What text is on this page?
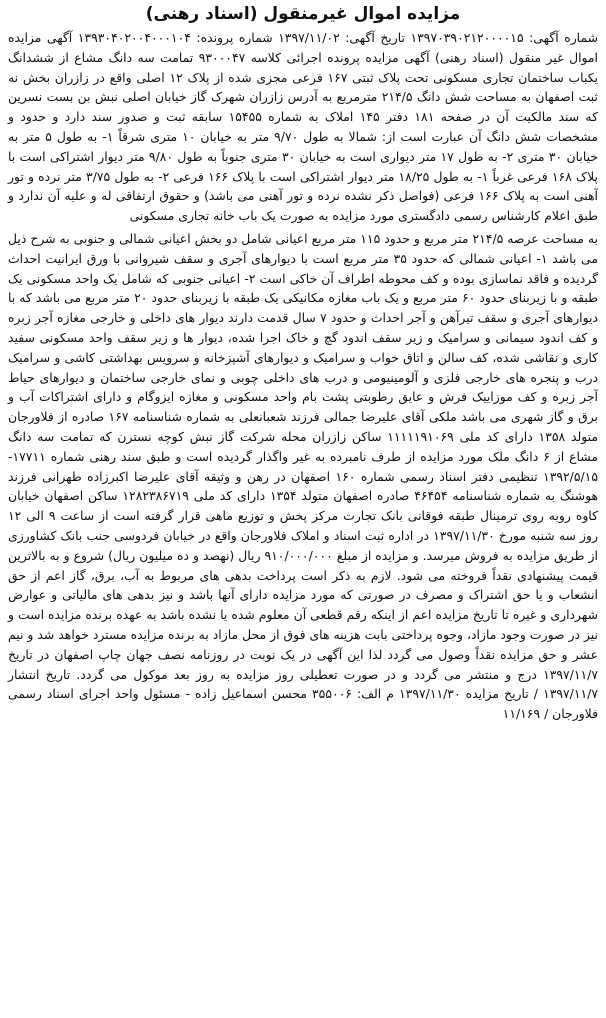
مزایده اموال غیرمنقول (اسناد رهنی)

شماره آگهی: ۱۳۹۷۰۳۹۰۲۱۲۰۰۰۰۱۵ تاریخ آگهی: ۱۳۹۷/۱۱/۰۲ شماره پرونده: ۱۳۹۳۰۴۰۲۰۰۴۰۰۰۱۰۴ آگهی مزایده اموال غیر منقول (اسناد رهنی) آگهی مزایده پرونده اجرائی کلاسه ۹۳۰۰۰۴۷ تمامت سه دانگ مشاع از ششدانگ یکباب ساختمان تجاری مسکونی تحت پلاک ثبتی ۱۶۷ فرعی مجزی شده از پلاک ۱۲ اصلی واقع در زازران بخش نه ثبت اصفهان به مساحت شش دانگ ۲۱۴/۵ مترمربع به آدرس زازران شهرک گاز خیابان اصلی نبش بن بست نسرین که سند مالکیت آن در صفحه ۱۸۱ دفتر ۱۴۵ املاک به شماره ۱۵۴۵۵ سابقه ثبت و صدور سند دارد و حدود و مشخصات شش دانگ آن عبارت است از: شمالا به طول ۹/۷۰ متر به خیابان ۱۰ متری شرقاً ۱- به طول ۵ متر به خیابان ۳۰ متری ۲- به طول ۱۷ متر دیواری است به خیابان ۳۰ متری جنوباً به طول ۹/۸۰ متر دیوار اشتراکی است با پلاک ۱۶۸ فرعی غرباً ۱- به طول ۱۸/۲۵ متر دیوار اشتراکی است با پلاک ۱۶۶ فرعی ۲- به طول ۳/۷۵ متر نرده و تور آهنی است به پلاک ۱۶۶ فرعی (فواصل ذکر نشده نرده و تور آهنی می باشد) و حقوق ارتفاقی له و علیه آن ندارد و طبق اعلام کارشناس رسمی دادگستری مورد مزایده به صورت یک باب خانه تجاری مسکونی

به مساحت عرصه ۲۱۴/۵ متر مربع و حدود ۱۱۵ متر مربع اعیانی شامل دو بخش اعیانی شمالی و جنوبی به شرح ذیل می باشد ۱- اعیانی شمالی که حدود ۳۵ متر مربع است با دیوارهای آجری و سقف شیروانی با ورق ایرانیت احداث گردیده و فاقد نماسازی بوده و کف محوطه اطراف آن خاکی است ۲- اعیانی جنوبی که شامل یک واحد مسکونی یک طبقه و با زیربنای حدود ۶۰ متر مربع و یک باب مغازه مکانیکی یک طبقه با زیربنای حدود ۲۰ متر مربع می باشد که با دیوارهای آجری و سقف تیرآهن و آجر احداث و حدود ۷ سال قدمت دارند دیوار های داخلی و خارجی مغازه آجر زبره و کف اندود سیمانی و سرامیک و زیر سقف اندود گچ و خاک اجرا شده، دیوار ها و زیر سقف واحد مسکونی سفید کاری و نقاشی شده، کف سالن و اتاق خواب و سرامیک و دیوارهای آشپزخانه و سرویس بهداشتی کاشی و سرامیک درب و پنجره های خارجی فلزی و آلومینیومی و درب های داخلی چوبی و نمای خارجی ساختمان و دیوارهای حیاط آجر زبره و کف موزاییک فرش و عایق رطوبتی پشت بام واحد مسکونی و مغازه ایزوگام و دارای اشتراکات آب و برق و گاز شهری می باشد ملکی آقای علیرضا جمالی فرزند شعبانعلی به شماره شناسنامه ۱۶۷ صادره از فلاورجان متولد ۱۳۵۸ دارای کد ملی ۱۱۱۱۱۹۱۰۶۹ ساکن زازران محله شرکت گاز نبش کوچه نسترن که تمامت سه دانگ مشاع از ۶ دانگ ملک مورد مزایده از طرف نامبرده به غیر واگذار گردیده است و طبق سند رهنی شماره ۱۷۷۱۱- ۱۳۹۲/۵/۱۵ تنظیمی دفتر اسناد رسمی شماره ۱۶۰ اصفهان در رهن و وثیقه آقای علیرضا اکبرزاده طهرانی فرزند هوشنگ به شماره شناسنامه ۴۶۴۵۴ صادره اصفهان متولد ۱۳۵۴ دارای کد ملی ۱۲۸۲۳۸۶۷۱۹ ساکن اصفهان خیابان کاوه روبه روی ترمینال طبقه فوقانی بانک تجارت مرکز پخش و توزیع ماهی قرار گرفته است از ساعت ۹ الی ۱۲ روز سه شنبه مورخ ۱۳۹۷/۱۱/۳۰ در اداره ثبت اسناد و املاک فلاورجان واقع در خیابان فردوسی جنب بانک کشاورزی از طریق مزایده به فروش میرسد. و مزایده از مبلغ ۹۱۰/۰۰۰/۰۰۰ ریال (نهصد و ده میلیون ریال) شروع و به بالاترین قیمت پیشنهادی نقداً فروخته می شود. لازم به ذکر است پرداخت بدهی های مربوط به آب، برق، گاز اعم از حق انشعاب و یا حق اشتراک و مصرف در صورتی که مورد مزایده دارای آنها باشد و نیز بدهی های مالیاتی و عوارض شهرداری و غیره تا تاریخ مزایده اعم از اینکه رقم قطعی آن معلوم شده یا نشده باشد به عهده برنده مزایده است و نیز در صورت وجود مازاد، وجوه پرداختی بابت هزینه های فوق از محل مازاد به برنده مزایده مسترد خواهد شد و نیم عشر و حق مزایده نقداً وصول می گردد لذا این آگهی در یک نوبت در روزنامه نصف جهان چاپ اصفهان در تاریخ ۱۳۹۷/۱۱/۷ درج و منتشر می گردد و در صورت تعطیلی روز مزایده به روز بعد موکول می گردد. تاریخ انتشار ۱۳۹۷/۱۱/۷ / تاریخ مزایده ۱۳۹۷/۱۱/۳۰ م الف: ۳۵۵۰۰۶ محسن اسماعیل زاده - مسئول واحد اجرای اسناد رسمی فلاورجان / ۱۱/۱۶۹
